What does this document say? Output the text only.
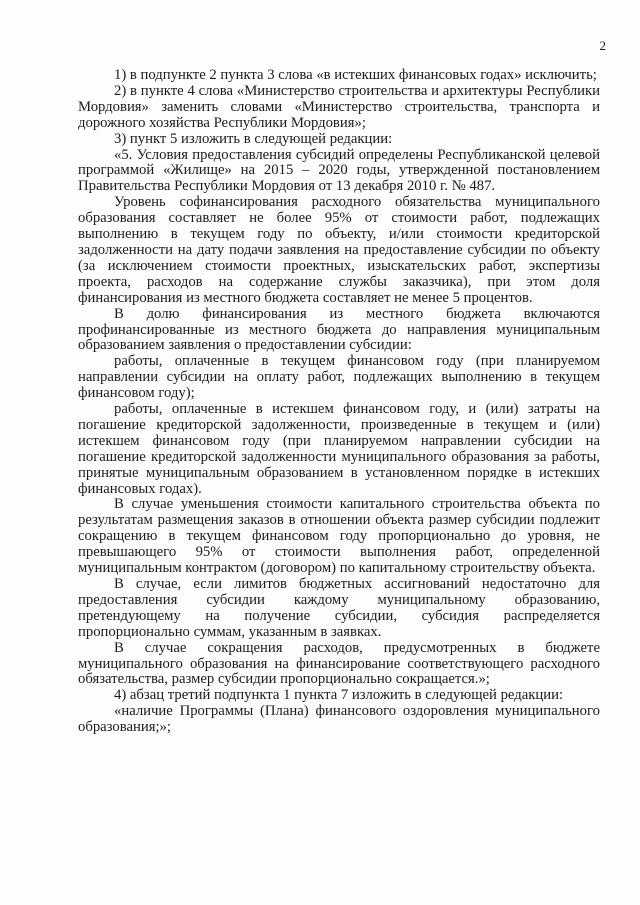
2

1) в подпункте 2 пункта 3 слова «в истекших финансовых годах» исключить;

2) в пункте 4 слова «Министерство строительства и архитектуры Республики Мордовия» заменить словами «Министерство строительства, транспорта и дорожного хозяйства Республики Мордовия»;

3) пункт 5 изложить в следующей редакции:

«5. Условия предоставления субсидий определены Республиканской целевой программой «Жилище» на 2015 – 2020 годы, утвержденной постановлением Правительства Республики Мордовия от 13 декабря 2010 г. № 487.

Уровень софинансирования расходного обязательства муниципального образования составляет не более 95% от стоимости работ, подлежащих выполнению в текущем году по объекту, и/или стоимости кредиторской задолженности на дату подачи заявления на предоставление субсидии по объекту (за исключением стоимости проектных, изыскательских работ, экспертизы проекта, расходов на содержание службы заказчика), при этом доля финансирования из местного бюджета составляет не менее 5 процентов.

В долю финансирования из местного бюджета включаются профинансированные из местного бюджета до направления муниципальным образованием заявления о предоставлении субсидии:

работы, оплаченные в текущем финансовом году (при планируемом направлении субсидии на оплату работ, подлежащих выполнению в текущем финансовом году);

работы, оплаченные в истекшем финансовом году, и (или) затраты на погашение кредиторской задолженности, произведенные в текущем и (или) истекшем финансовом году (при планируемом направлении субсидии на погашение кредиторской задолженности муниципального образования за работы, принятые муниципальным образованием в установленном порядке в истекших финансовых годах).

В случае уменьшения стоимости капитального строительства объекта по результатам размещения заказов в отношении объекта размер субсидии подлежит сокращению в текущем финансовом году пропорционально до уровня, не превышающего 95% от стоимости выполнения работ, определенной муниципальным контрактом (договором) по капитальному строительству объекта.

В случае, если лимитов бюджетных ассигнований недостаточно для предоставления субсидии каждому муниципальному образованию, претендующему на получение субсидии, субсидия распределяется пропорционально суммам, указанным в заявках.

В случае сокращения расходов, предусмотренных в бюджете муниципального образования на финансирование соответствующего расходного обязательства, размер субсидии пропорционально сокращается.»;

4) абзац третий подпункта 1 пункта 7 изложить в следующей редакции:

«наличие Программы (Плана) финансового оздоровления муниципального образования;»;
